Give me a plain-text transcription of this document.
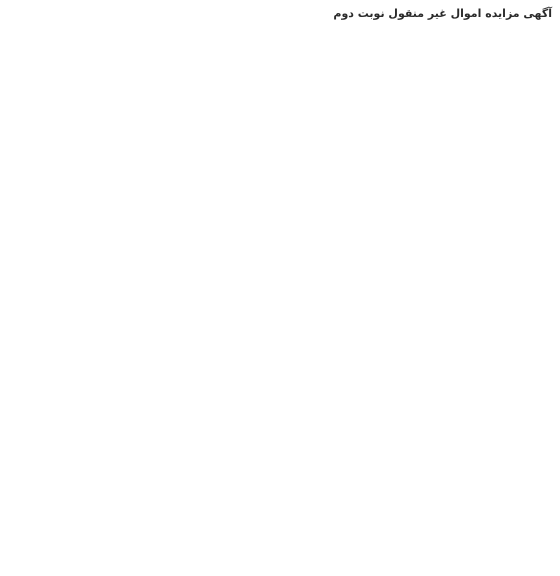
آگهی مزایده اموال غیر منقول نوبت دوم
